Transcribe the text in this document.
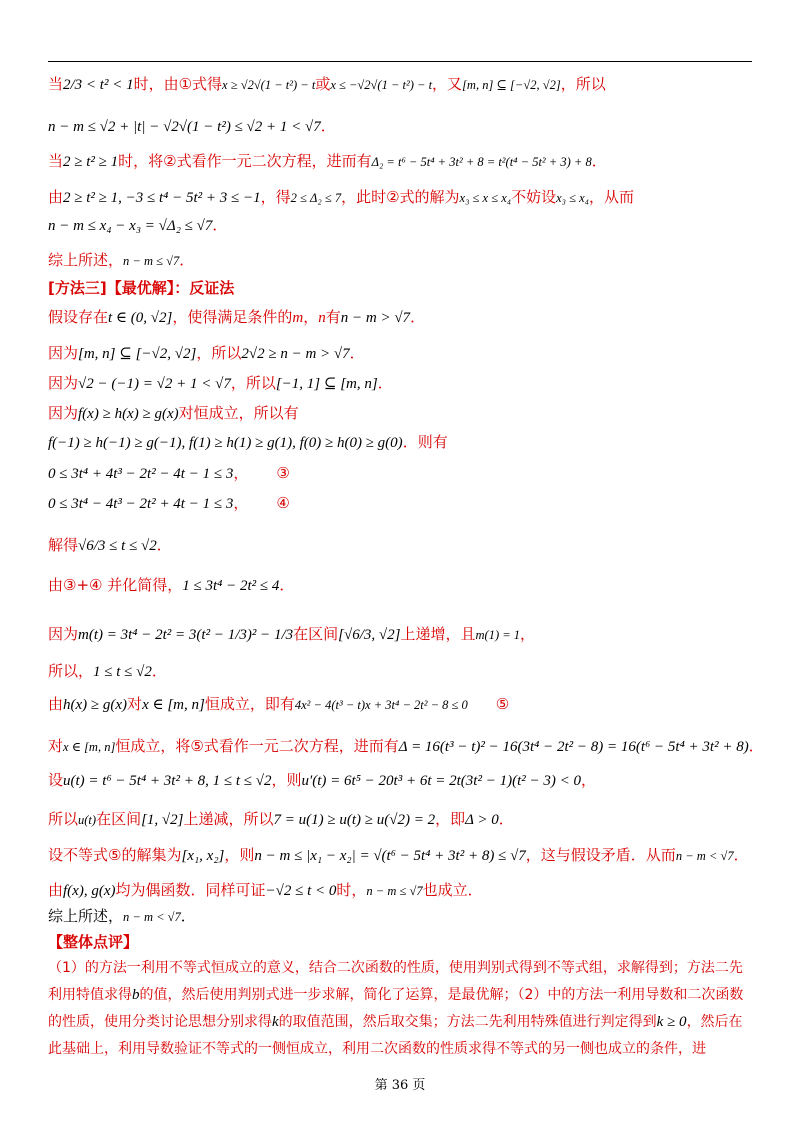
当2/3 < t² < 1时，由①式得x ≥ √2√(1 − t²) − t或x ≤ −√2√(1 − t²) − t，又[m, n] ⊆ [−√2, √2]，所以
n − m ≤ √2 + |t| − √2√(1 − t²) ≤ √2 + 1 < √7．
当2 ≥ t² ≥ 1时，将②式看作一元二次方程，进而有Δ₂ = t⁶ − 5t⁴ + 3t² + 8 = t²(t⁴ − 5t² + 3) + 8．
由2 ≥ t² ≥ 1, −3 ≤ t⁴ − 5t² + 3 ≤ −1，得2 ≤ Δ₂ ≤ 7，此时②式的解为x₃ ≤ x ≤ x₄不妨设x₃ ≤ x₄，从而
n − m ≤ x₄ − x₃ = √Δ₂ ≤ √7．
综上所述，n − m ≤ √7．
[方法三]【最优解】：反证法
假设存在t ∈ (0, √2]，使得满足条件的m，n有n − m > √7．
因为[m, n] ⊆ [−√2, √2]，所以2√2 ≥ n − m > √7．
因为√2 − (−1) = √2 + 1 < √7，所以[−1, 1] ⊆ [m, n]．
因为f(x) ≥ h(x) ≥ g(x)对恒成立，所以有
f(−1) ≥ h(−1) ≥ g(−1), f(1) ≥ h(1) ≥ g(1), f(0) ≥ h(0) ≥ g(0)．则有
0 ≤ 3t⁴ + 4t³ − 2t² − 4t − 1 ≤ 3， ③
0 ≤ 3t⁴ − 4t³ − 2t² + 4t − 1 ≤ 3， ④
解得√6/3 ≤ t ≤ √2．
由③+④ 并化简得，1 ≤ 3t⁴ − 2t² ≤ 4．
因为m(t) = 3t⁴ − 2t² = 3(t² − 1/3)² − 1/3在区间[√6/3, √2]上递增，且m(1) = 1，
所以，1 ≤ t ≤ √2．
由h(x) ≥ g(x)对x ∈ [m, n]恒成立，即有4x² − 4(t³ − t)x + 3t⁴ − 2t² − 8 ≤ 0 ⑤
对x ∈ [m, n]恒成立，将⑤式看作一元二次方程，进而有Δ = 16(t³ − t)² − 16(3t⁴ − 2t² − 8) = 16(t⁶ − 5t⁴ + 3t² + 8)．
设u(t) = t⁶ − 5t⁴ + 3t² + 8, 1 ≤ t ≤ √2，则u′(t) = 6t⁵ − 20t³ + 6t = 2t(3t² − 1)(t² − 3) < 0，
所以u(t)在区间[1, √2]上递减，所以7 = u(1) ≥ u(t) ≥ u(√2) = 2，即Δ > 0．
设不等式⑤的解集为[x₁, x₂]，则n − m ≤ |x₁ − x₂| = √(t⁶ − 5t⁴ + 3t² + 8) ≤ √7，这与假设矛盾．从而n − m < √7．
由f(x), g(x)均为偶函数．同样可证−√2 ≤ t < 0时，n − m ≤ √7也成立．
综上所述，n − m < √7．
【整体点评】
（1）的方法一利用不等式恒成立的意义，结合二次函数的性质，使用判别式得到不等式组，求解得到；方法二先利用特值求得b的值，然后使用判别式进一步求解，简化了运算，是最优解；（2）中的方法一利用导数和二次函数的性质，使用分类讨论思想分别求得k的取值范围，然后取交集；方法二先利用特殊值进行判定得到k ≥ 0，然后在此基础上，利用导数验证不等式的一侧恒成立，利用二次函数的性质求得不等式的另一侧也成立的条件，进
第 36 页
